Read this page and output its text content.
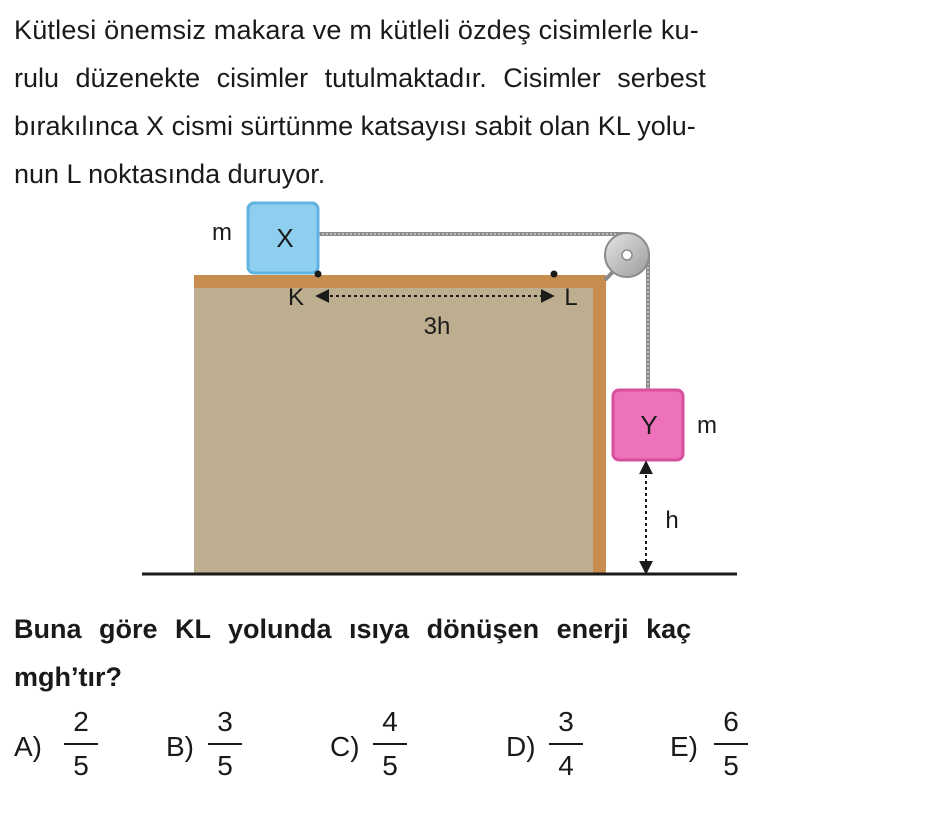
Kütlesi önemsiz makara ve m kütleli özdeş cisimlerle ku-
rulu düzenekte cisimler tutulmaktadır. Cisimler serbest
bırakılınca X cismi sürtünme katsayısı sabit olan KL yolu-
nun L noktasında duruyor.
X
m
Y m
K	L
3h
h
Buna göre KL yolunda ısıya dönüşen enerji kaç
mgh’tır?
A)
2
5
B)
3
5
C)
4
5
D)
3
4
E)
6
5
